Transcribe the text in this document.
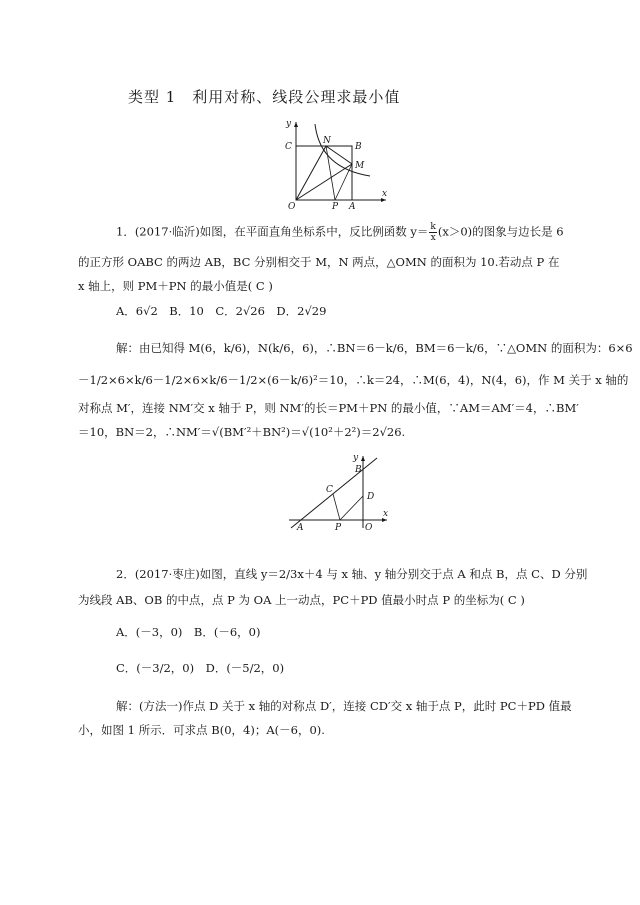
类型 1　利用对称、线段公理求最小值
y
x
C
N
B
M
O	P A
1．(2017·临沂)如图，在平面直角坐标系中，反比例函数 $y= \frac{k}{x} (x>0)$的图象与边长是 6
的正方形 OABC 的两边 AB，BC 分别相交于 M，N 两点，△OMN 的面积为 10.若动点 P 在
x 轴上，则 PM＋PN 的最小值是( C )
A．6√2　B．10　C．2√26　D．2√29
解：由已知得 M(6，k/6)，N(k/6，6)，∴BN＝6－k/6，BM＝6－k/6，∵△OMN 的面积为：6×6
－1/2×6×k/6－1/2×6×k/6－1/2×(6－k/6)²＝10，∴k＝24，∴M(6，4)，N(4，6)，作 M 关于 x 轴的
对称点 M′，连接 NM′交 x 轴于 P，则 NM′的长＝PM＋PN 的最小值，∵AM＝AM′＝4，∴BM′
＝10，BN＝2，∴NM′＝√(BM′²＋BN²)＝√(10²＋2²)＝2√26.
y
x
B
C
D
A	P	O
2．(2017·枣庄)如图，直线 y＝2/3x＋4 与 x 轴、y 轴分别交于点 A 和点 B，点 C、D 分别
为线段 AB、OB 的中点，点 P 为 OA 上一动点，PC＋PD 值最小时点 P 的坐标为( C )
A．(－3，0)　B．(－6，0)
C．(－3/2，0)　D．(－5/2，0)
解：(方法一)作点 D 关于 x 轴的对称点 D′，连接 CD′交 x 轴于点 P，此时 PC＋PD 值最
小，如图 1 所示．可求点 B(0，4)；A(－6，0).
